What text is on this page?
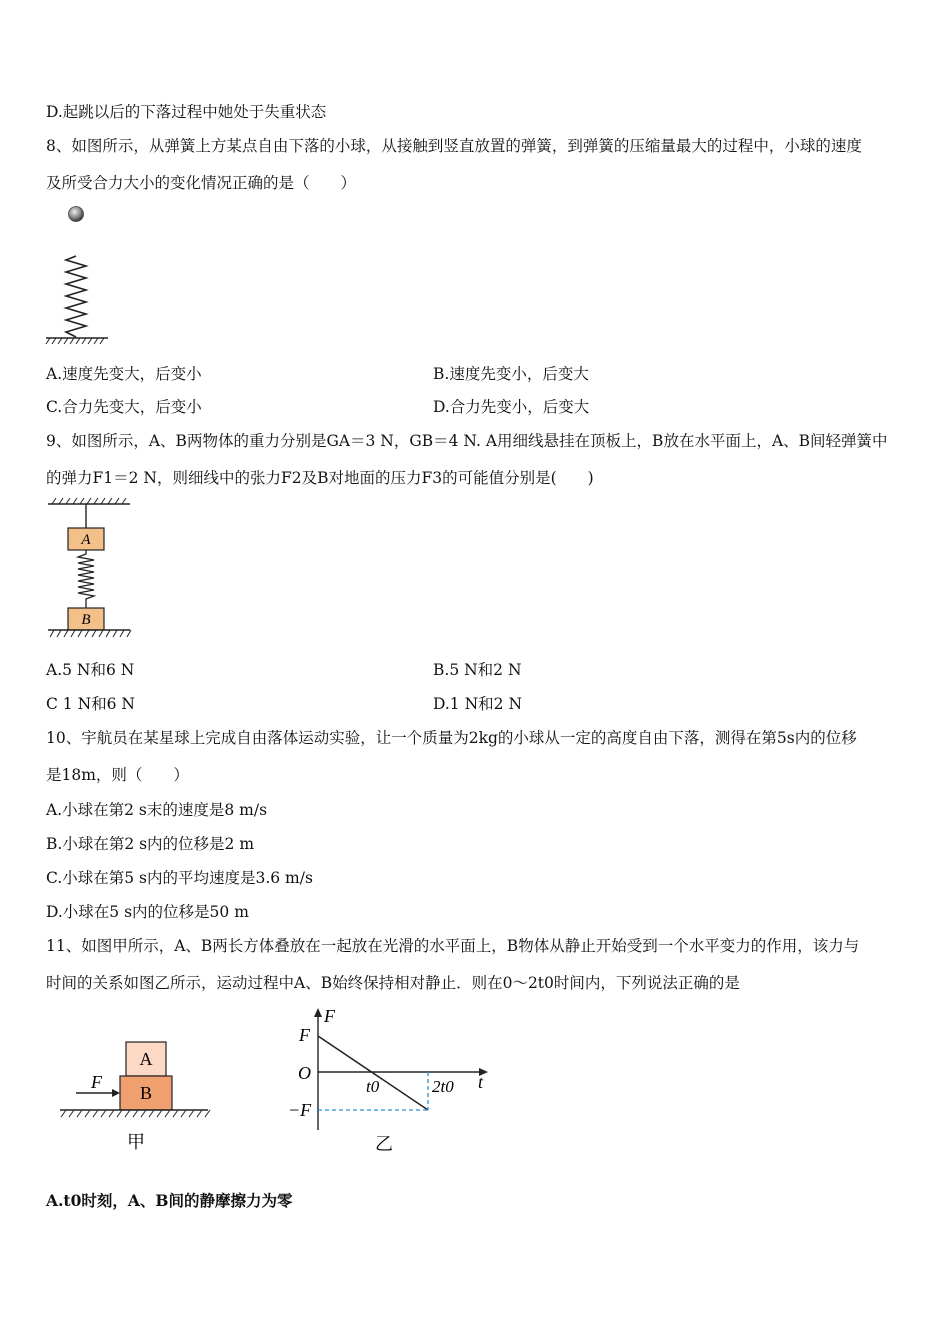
D.起跳以后的下落过程中她处于失重状态
8、如图所示，从弹簧上方某点自由下落的小球，从接触到竖直放置的弹簧，到弹簧的压缩量最大的过程中，小球的速度
及所受合力大小的变化情况正确的是（　　）
A.速度先变大，后变小	B.速度先变小，后变大
C.合力先变大，后变小	D.合力先变小，后变大
9、如图所示，A、B两物体的重力分别是GA＝3 N，GB＝4 N. A用细线悬挂在顶板上，B放在水平面上，A、B间轻弹簧中
的弹力F1＝2 N，则细线中的张力F2及B对地面的压力F3的可能值分别是(　　)
A
B
A.5 N和6 N	B.5 N和2 N
C 1 N和6 N	D.1 N和2 N
10、宇航员在某星球上完成自由落体运动实验，让一个质量为2kg的小球从一定的高度自由下落，测得在第5s内的位移
是18m，则（　　）
A.小球在第2 s末的速度是8 m/s
B.小球在第2 s内的位移是2 m
C.小球在第5 s内的平均速度是3.6 m/s
D.小球在5 s内的位移是50 m
11、如图甲所示，A、B两长方体叠放在一起放在光滑的水平面上，B物体从静止开始受到一个水平变力的作用，该力与
时间的关系如图乙所示，运动过程中A、B始终保持相对静止．则在0～2t0时间内，下列说法正确的是
A
B
F
甲
F
F
O
t0	2t0 t
−F
乙
A.t0时刻，A、B间的静摩擦力为零
